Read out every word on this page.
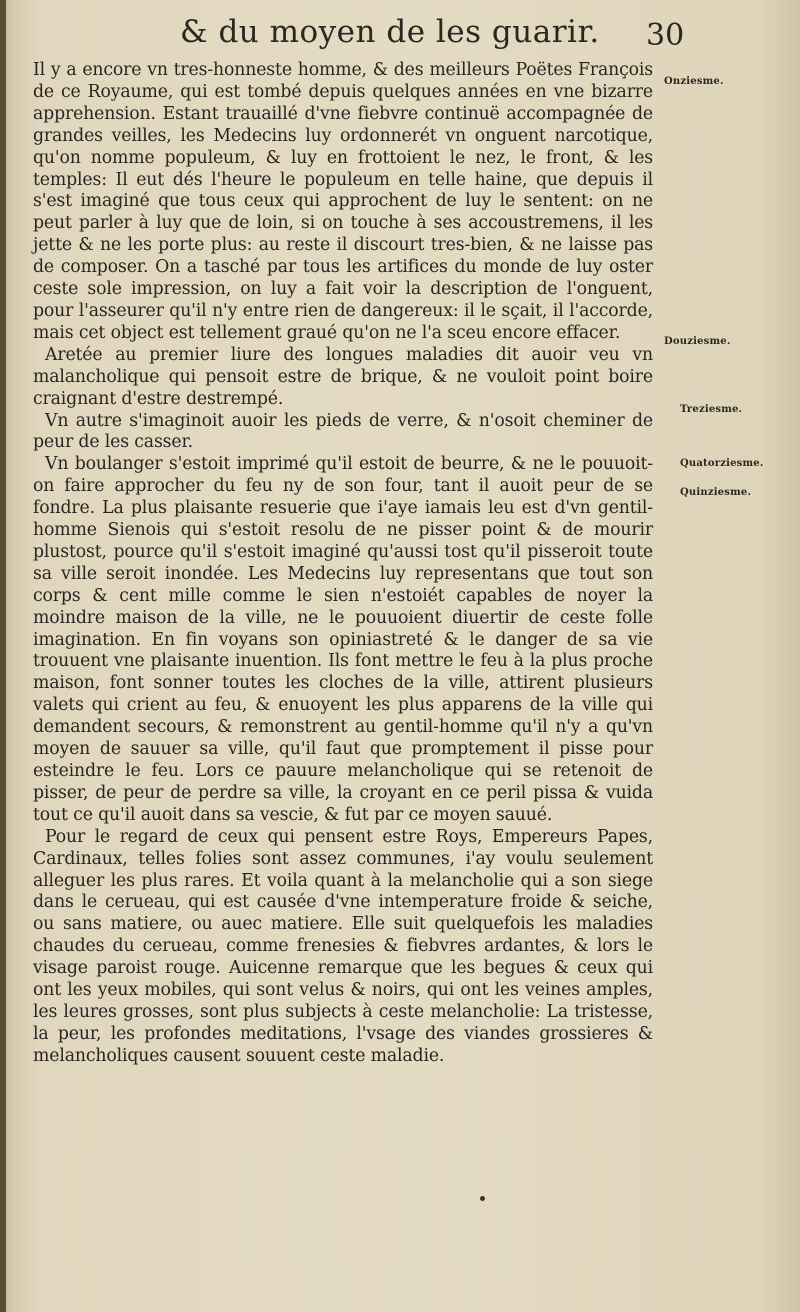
& du moyen de les guarir. 30

Il y a encore vn tres-honneste homme, & des meilleurs Poëtes François de ce Royaume, qui est tombé depuis quelques années en vne bizarre apprehension. Estant trauaillé d'vne fiebvre continuë accompagnée de grandes veilles, les Medecins luy ordonnerét vn onguent narcotique, qu'on nomme populeum, & luy en frottoient le nez, le front, & les temples: Il eut dés l'heure le populeum en telle haine, que depuis il s'est imaginé que tous ceux qui approchent de luy le sentent: on ne peut parler à luy que de loin, si on touche à ses accoustremens, il les jette & ne les porte plus: au reste il discourt tres-bien, & ne laisse pas de composer. On a tasché par tous les artifices du monde de luy oster ceste sole impression, on luy a fait voir la description de l'onguent, pour l'asseurer qu'il n'y entre rien de dangereux: il le sçait, il l'accorde, mais cet object est tellement graué qu'on ne l'a sceu encore effacer.

Aretée au premier liure des longues maladies dit auoir veu vn malancholique qui pensoit estre de brique, & ne vouloit point boire craignant d'estre destrempé.

Vn autre s'imaginoit auoir les pieds de verre, & n'osoit cheminer de peur de les casser.

Vn boulanger s'estoit imprimé qu'il estoit de beurre, & ne le pouuoit-on faire approcher du feu ny de son four, tant il auoit peur de se fondre. La plus plaisante resuerie que i'aye iamais leu est d'vn gentil-homme Sienois qui s'estoit resolu de ne pisser point & de mourir plustost, pource qu'il s'estoit imaginé qu'aussi tost qu'il pisseroit toute sa ville seroit inondée. Les Medecins luy representans que tout son corps & cent mille comme le sien n'estoiét capables de noyer la moindre maison de la ville, ne le pouuoient diuertir de ceste folle imagination. En fin voyans son opiniastreté & le danger de sa vie trouuent vne plaisante inuention. Ils font mettre le feu à la plus proche maison, font sonner toutes les cloches de la ville, attirent plusieurs valets qui crient au feu, & enuoyent les plus apparens de la ville qui demandent secours, & remonstrent au gentil-homme qu'il n'y a qu'vn moyen de sauuer sa ville, qu'il faut que promptement il pisse pour esteindre le feu. Lors ce pauure melancholique qui se retenoit de pisser, de peur de perdre sa ville, la croyant en ce peril pissa & vuida tout ce qu'il auoit dans sa vescie, & fut par ce moyen sauué.

Pour le regard de ceux qui pensent estre Roys, Empereurs Papes, Cardinaux, telles folies sont assez communes, i'ay voulu seulement alleguer les plus rares. Et voila quant à la melancholie qui a son siege dans le cerueau, qui est causée d'vne intemperature froide & seiche, ou sans matiere, ou auec matiere. Elle suit quelquefois les maladies chaudes du cerueau, comme frenesies & fiebvres ardantes, & lors le visage paroist rouge. Auicenne remarque que les begues & ceux qui ont les yeux mobiles, qui sont velus & noirs, qui ont les veines amples, les leures grosses, sont plus subjects à ceste melancholie: La tristesse, la peur, les profondes meditations, l'vsage des viandes grossieres & melancholiques causent souuent ceste maladie.

Onziesme.
Douziesme.
Treziesme.
Quatorziesme.
Quinziesme.
